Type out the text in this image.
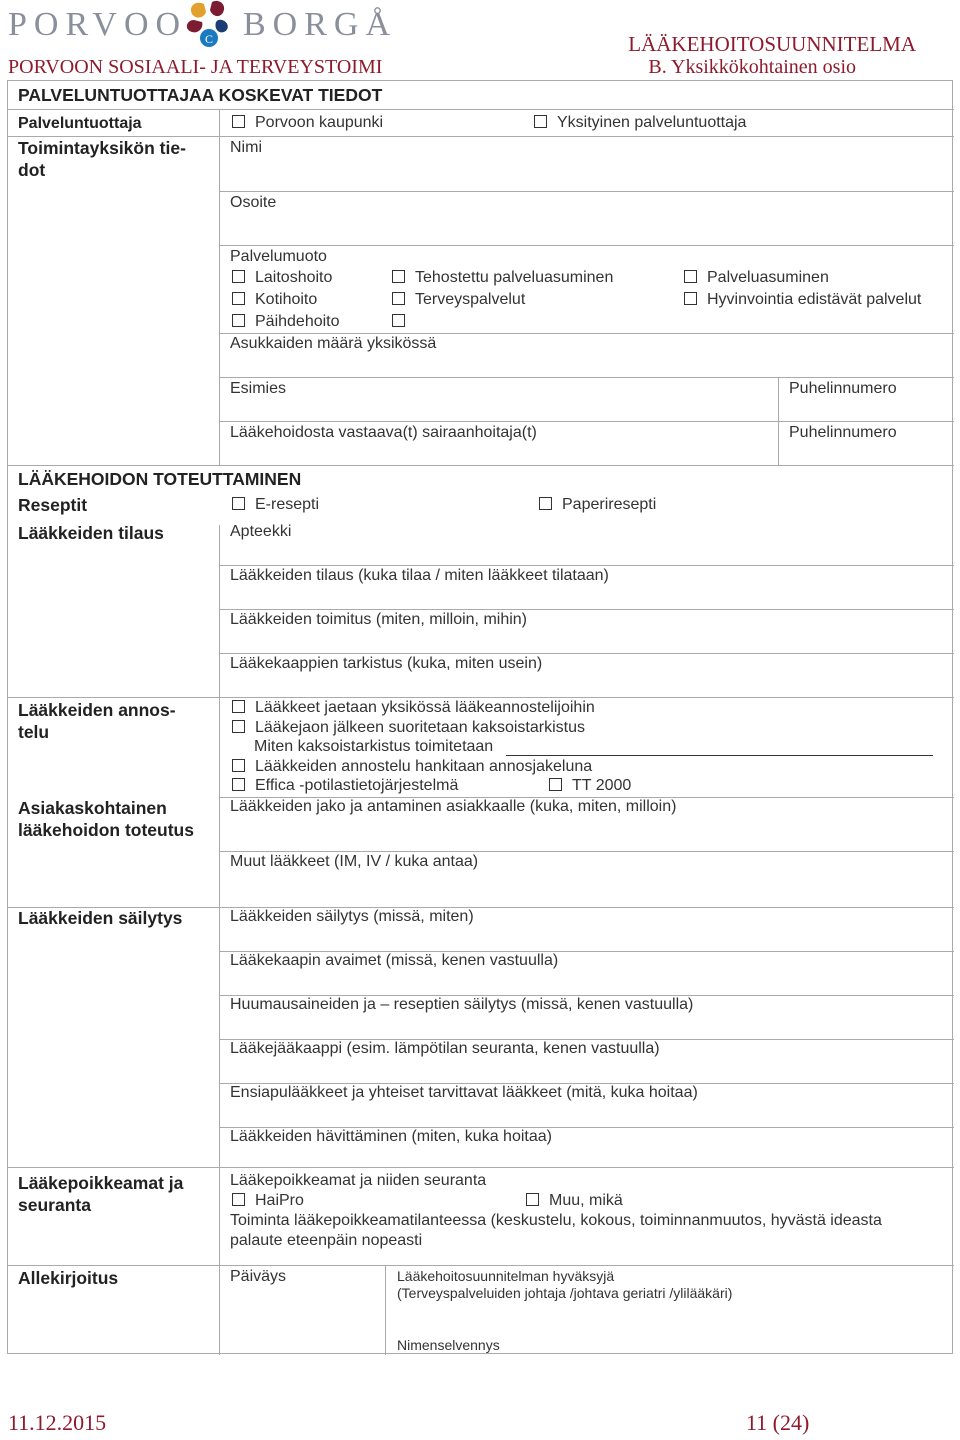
PORVOO C BORGÅ
PORVOON SOSIAALI- JA TERVEYSTOIMI
LÄÄKEHOITOSUUNNITELMA
B. Yksikkökohtainen osio
PALVELUNTUOTTAJAA KOSKEVAT TIEDOT
Palveluntuottaja	Porvoon kaupunki	Yksityinen palveluntuottaja
Toimintayksikön tie-
dot
Nimi
Osoite
Palvelumuoto
Laitoshoito	Tehostettu palveluasuminen	Palveluasuminen
Kotihoito	Terveyspalvelut	Hyvinvointia edistävät palvelut
Päihdehoito
Asukkaiden määrä yksikössä
Esimies	Puhelinnumero
Lääkehoidosta vastaava(t) sairaanhoitaja(t)	Puhelinnumero
LÄÄKEHOIDON TOTEUTTAMINEN
Reseptit	E-resepti	Paperiresepti
Lääkkeiden tilaus	Apteekki
Lääkkeiden tilaus (kuka tilaa / miten lääkkeet tilataan)
Lääkkeiden toimitus (miten, milloin, mihin)
Lääkekaappien tarkistus (kuka, miten usein)
Lääkkeiden annos-
telu
Lääkkeet jaetaan yksikössä lääkeannostelijoihin
Lääkejaon jälkeen suoritetaan kaksoistarkistus
Miten kaksoistarkistus toimitetaan
Lääkkeiden annostelu hankitaan annosjakeluna
Effica -potilastietojärjestelmä	TT 2000
Asiakaskohtainen
lääkehoidon toteutus
Lääkkeiden jako ja antaminen asiakkaalle (kuka, miten, milloin)
Muut lääkkeet (IM, IV / kuka antaa)
Lääkkeiden säilytys	Lääkkeiden säilytys (missä, miten)
Lääkekaapin avaimet (missä, kenen vastuulla)
Huumausaineiden ja – reseptien säilytys (missä, kenen vastuulla)
Lääkejääkaappi (esim. lämpötilan seuranta, kenen vastuulla)
Ensiapulääkkeet ja yhteiset tarvittavat lääkkeet (mitä, kuka hoitaa)
Lääkkeiden hävittäminen (miten, kuka hoitaa)
Lääkepoikkeamat ja
seuranta
Lääkepoikkeamat ja niiden seuranta
HaiPro	Muu, mikä
Toiminta lääkepoikkeamatilanteessa (keskustelu, kokous, toiminnanmuutos, hyvästä ideasta
palaute eteenpäin nopeasti
Allekirjoitus	Päiväys	Lääkehoitosuunnitelman hyväksyjä
(Terveyspalveluiden johtaja /johtava geriatri /ylilääkäri)
Nimenselvennys
11.12.2015	11 (24)
